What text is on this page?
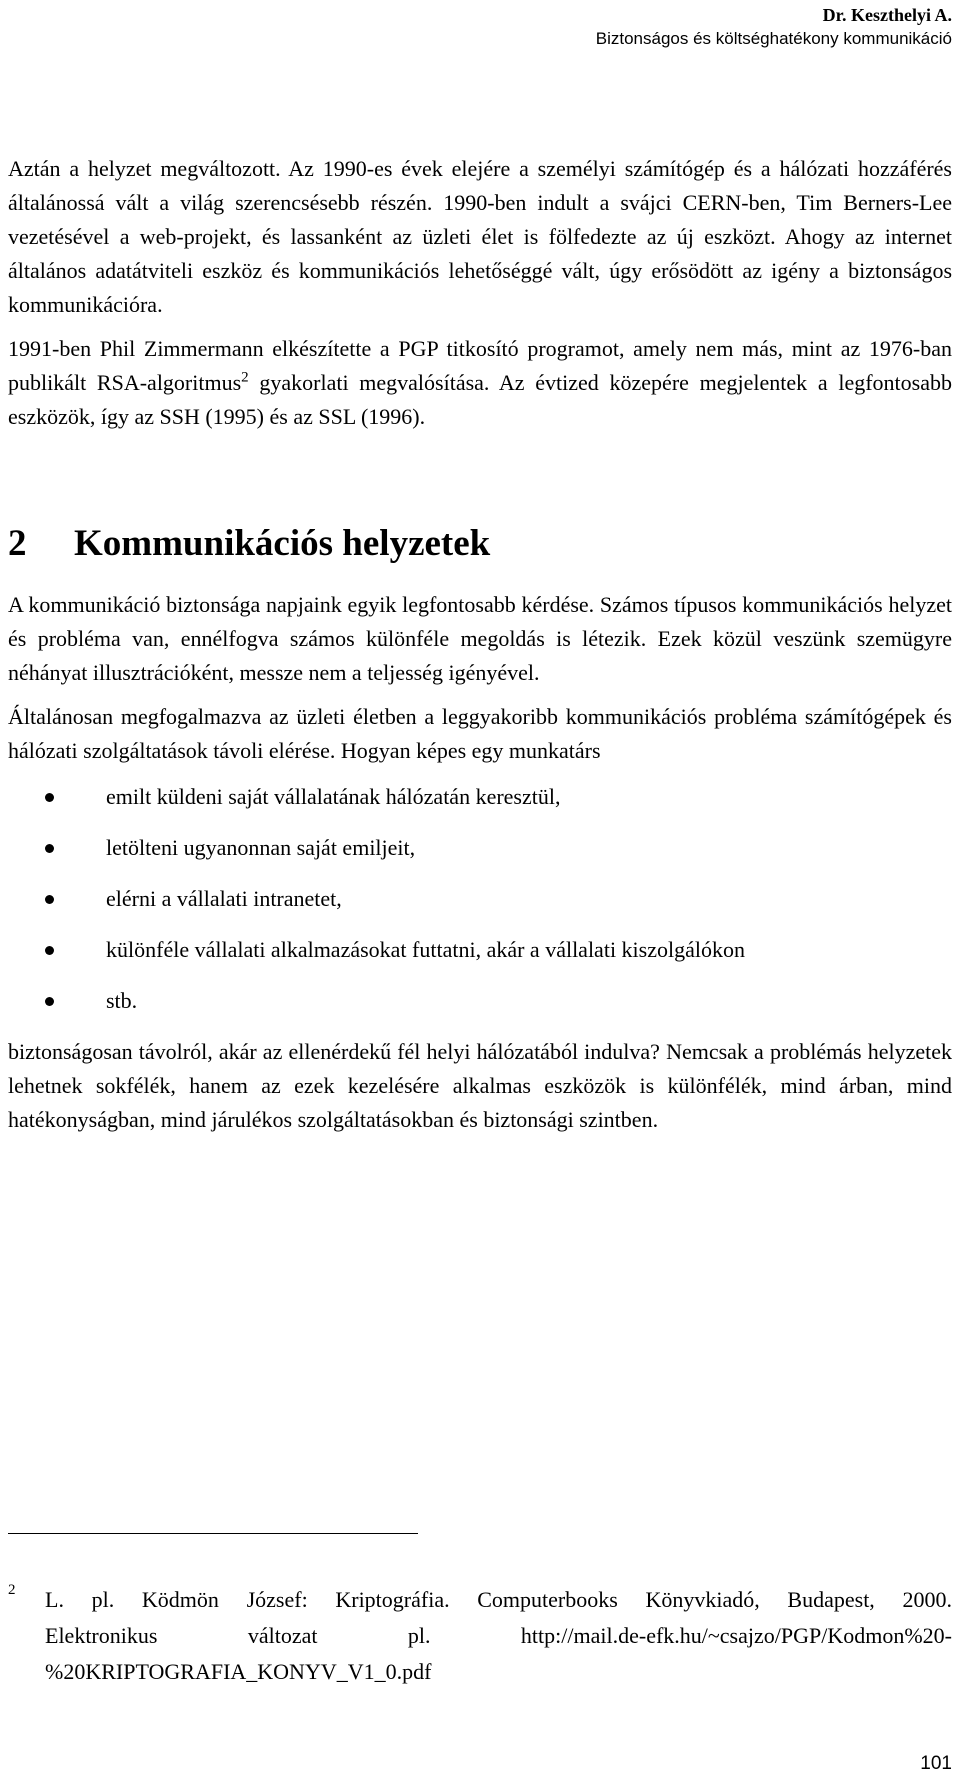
Dr. Keszthelyi A.
Biztonságos és költséghatékony kommunikáció

Aztán a helyzet megváltozott. Az 1990-es évek elejére a személyi számítógép és a hálózati hozzáférés általánossá vált a világ szerencsésebb részén. 1990-ben indult a svájci CERN-ben, Tim Berners-Lee vezetésével a web-projekt, és lassanként az üzleti élet is fölfedezte az új eszközt. Ahogy az internet általános adatátviteli eszköz és kommunikációs lehetőséggé vált, úgy erősödött az igény a biztonságos kommunikációra.

1991-ben Phil Zimmermann elkészítette a PGP titkosító programot, amely nem más, mint az 1976-ban publikált RSA-algoritmus$^2$ gyakorlati megvalósítása. Az évtized közepére megjelentek a legfontosabb eszközök, így az SSH (1995) és az SSL (1996).

2 Kommunikációs helyzetek

A kommunikáció biztonsága napjaink egyik legfontosabb kérdése. Számos típusos kommunikációs helyzet és probléma van, ennélfogva számos különféle megoldás is létezik. Ezek közül veszünk szemügyre néhányat illusztrációként, messze nem a teljesség igényével.

Általánosan megfogalmazva az üzleti életben a leggyakoribb kommunikációs probléma számítógépek és hálózati szolgáltatások távoli elérése. Hogyan képes egy munkatárs

emilt küldeni saját vállalatának hálózatán keresztül,
letölteni ugyanonnan saját emiljeit,
elérni a vállalati intranetet,
különféle vállalati alkalmazásokat futtatni, akár a vállalati kiszolgálókon
stb.

biztonságosan távolról, akár az ellenérdekű fél helyi hálózatából indulva? Nemcsak a problémás helyzetek lehetnek sokfélék, hanem az ezek kezelésére alkalmas eszközök is különfélék, mind árban, mind hatékonyságban, mind járulékos szolgáltatásokban és biztonsági szintben.

2 L. pl. Ködmön József: Kriptográfia. Computerbooks Könyvkiadó, Budapest, 2000.
Elektronikus változat pl. http://mail.de-efk.hu/~csajzo/PGP/Kodmon%20-
%20KRIPTOGRAFIA_KONYV_V1_0.pdf
101
